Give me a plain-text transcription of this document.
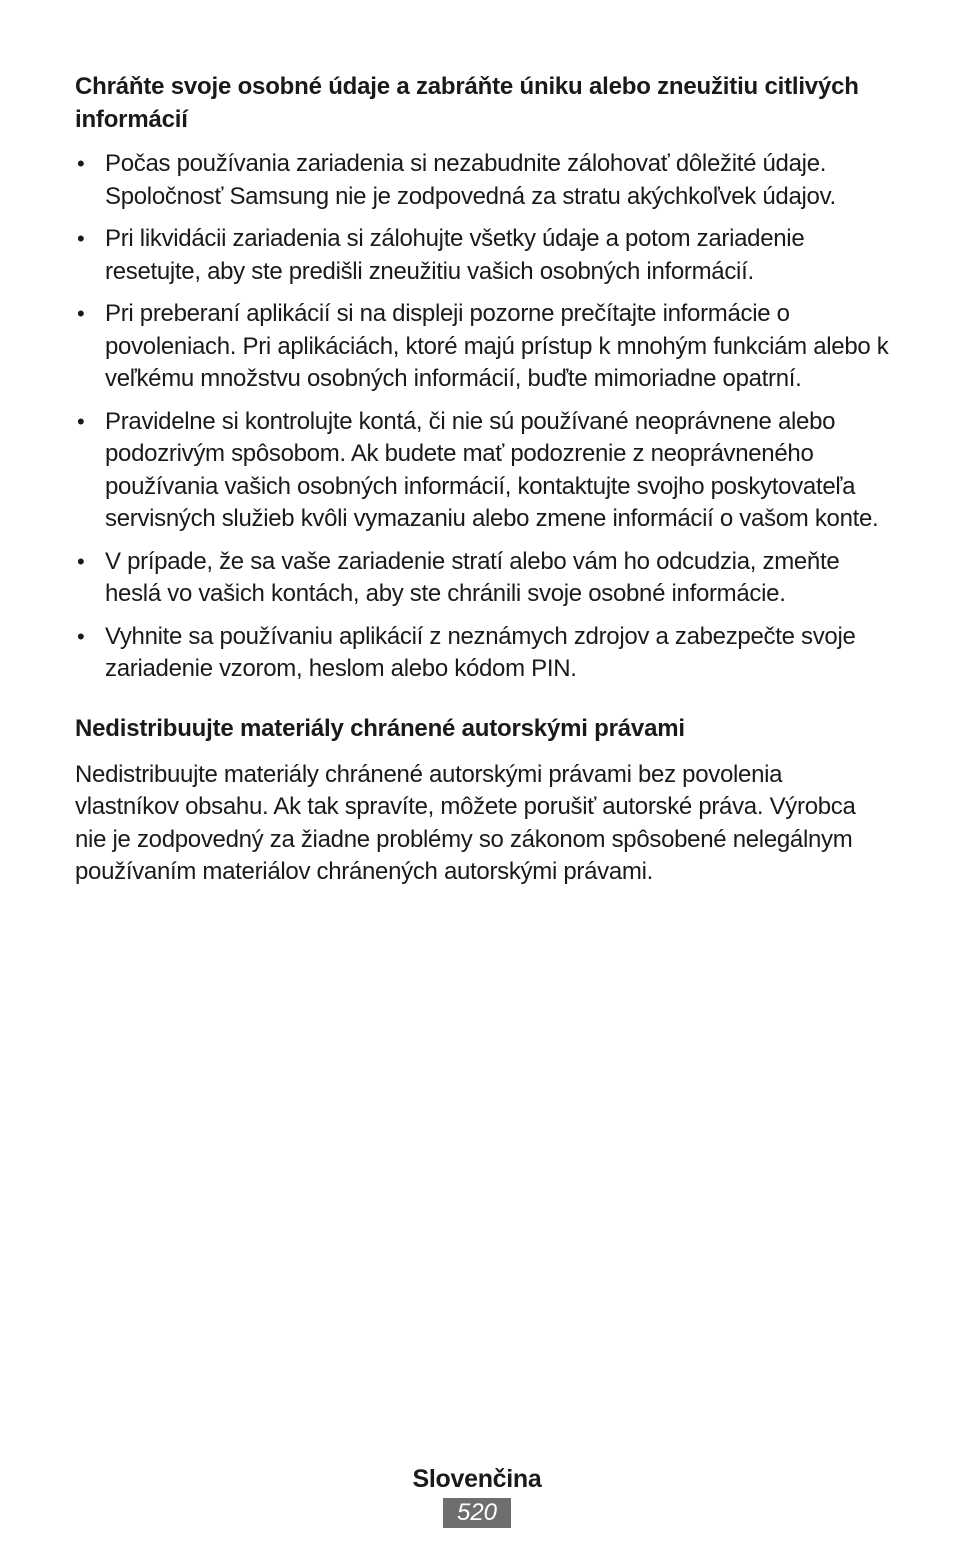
Chráňte svoje osobné údaje a zabráňte úniku alebo zneužitiu citlivých informácií
• Počas používania zariadenia si nezabudnite zálohovať dôležité údaje. Spoločnosť Samsung nie je zodpovedná za stratu akýchkoľvek údajov.
• Pri likvidácii zariadenia si zálohujte všetky údaje a potom zariadenie resetujte, aby ste predišli zneužitiu vašich osobných informácií.
• Pri preberaní aplikácií si na displeji pozorne prečítajte informácie o povoleniach. Pri aplikáciách, ktoré majú prístup k mnohým funkciám alebo k veľkému množstvu osobných informácií, buďte mimoriadne opatrní.
• Pravidelne si kontrolujte kontá, či nie sú používané neoprávnene alebo podozrivým spôsobom. Ak budete mať podozrenie z neoprávneného používania vašich osobných informácií, kontaktujte svojho poskytovateľa servisných služieb kvôli vymazaniu alebo zmene informácií o vašom konte.
• V prípade, že sa vaše zariadenie stratí alebo vám ho odcudzia, zmeňte heslá vo vašich kontách, aby ste chránili svoje osobné informácie.
• Vyhnite sa používaniu aplikácií z neznámych zdrojov a zabezpečte svoje zariadenie vzorom, heslom alebo kódom PIN.
Nedistribuujte materiály chránené autorskými právami

Nedistribuujte materiály chránené autorskými právami bez povolenia vlastníkov obsahu. Ak tak spravíte, môžete porušiť autorské práva. Výrobca nie je zodpovedný za žiadne problémy so zákonom spôsobené nelegálnym používaním materiálov chránených autorskými právami.

Slovenčina
520
